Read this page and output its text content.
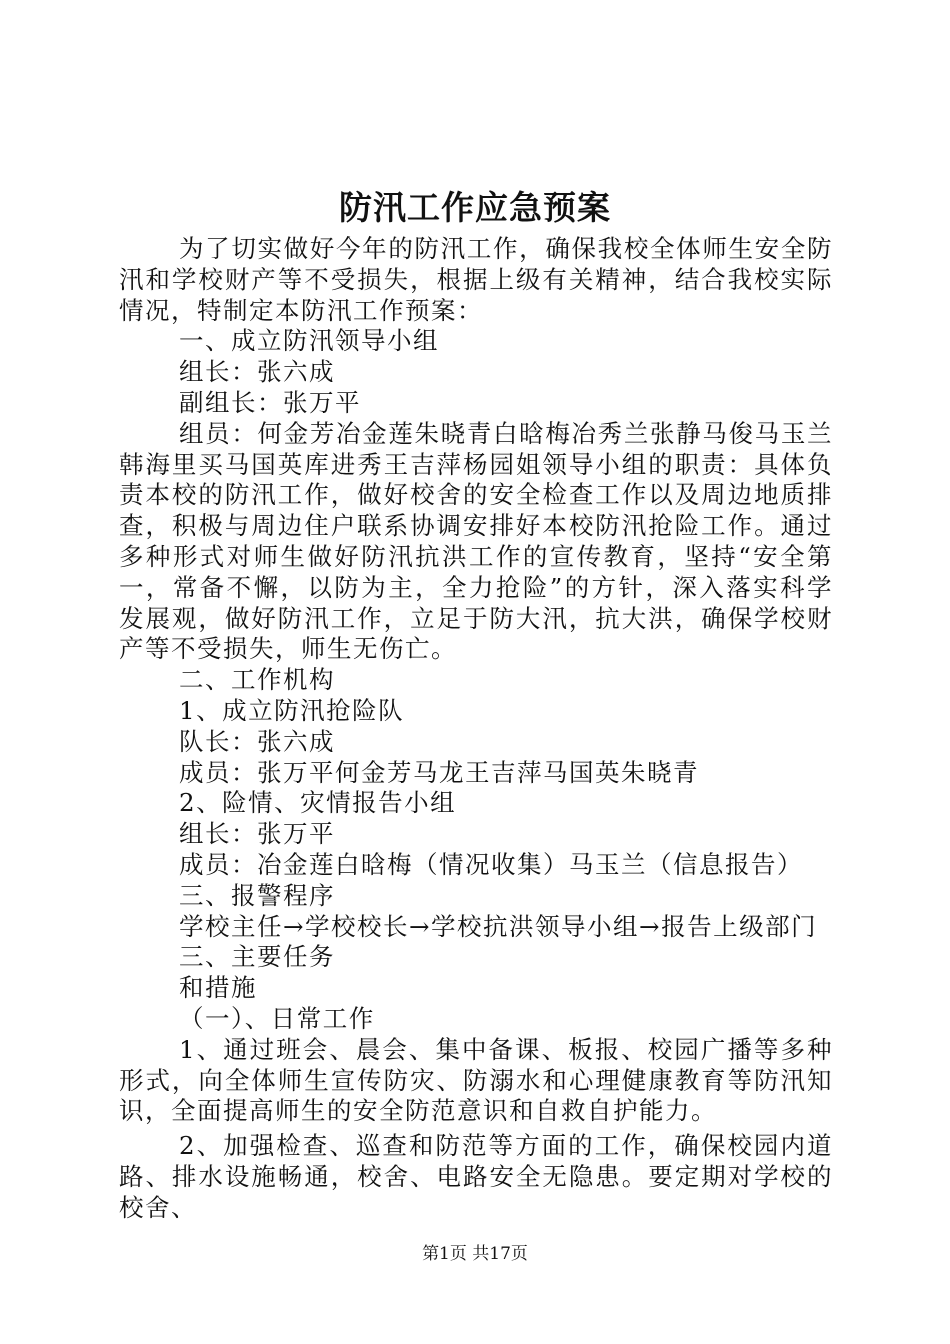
防汛工作应急预案

为了切实做好今年的防汛工作，确保我校全体师生安全防汛和学校财产等不受损失，根据上级有关精神，结合我校实际情况，特制定本防汛工作预案：

一、成立防汛领导小组

组长：张六成

副组长：张万平

组员：何金芳冶金莲朱晓青白晗梅冶秀兰张静马俊马玉兰韩海里买马国英库进秀王吉萍杨园姐领导小组的职责：具体负责本校的防汛工作，做好校舍的安全检查工作以及周边地质排查，积极与周边住户联系协调安排好本校防汛抢险工作。通过多种形式对师生做好防汛抗洪工作的宣传教育，坚持“安全第一，常备不懈，以防为主，全力抢险”的方针，深入落实科学发展观，做好防汛工作，立足于防大汛，抗大洪，确保学校财产等不受损失，师生无伤亡。

二、工作机构

1、成立防汛抢险队

队长：张六成

成员：张万平何金芳马龙王吉萍马国英朱晓青

2、险情、灾情报告小组

组长：张万平

成员：冶金莲白晗梅（情况收集）马玉兰（信息报告）

三、报警程序

学校主任→学校校长→学校抗洪领导小组→报告上级部门

三、主要任务

和措施

（一）、日常工作

1、通过班会、晨会、集中备课、板报、校园广播等多种形式，向全体师生宣传防灾、防溺水和心理健康教育等防汛知识，全面提高师生的安全防范意识和自救自护能力。

2、加强检查、巡查和防范等方面的工作，确保校园内道路、排水设施畅通，校舍、电路安全无隐患。要定期对学校的校舍、

第1页 共17页
